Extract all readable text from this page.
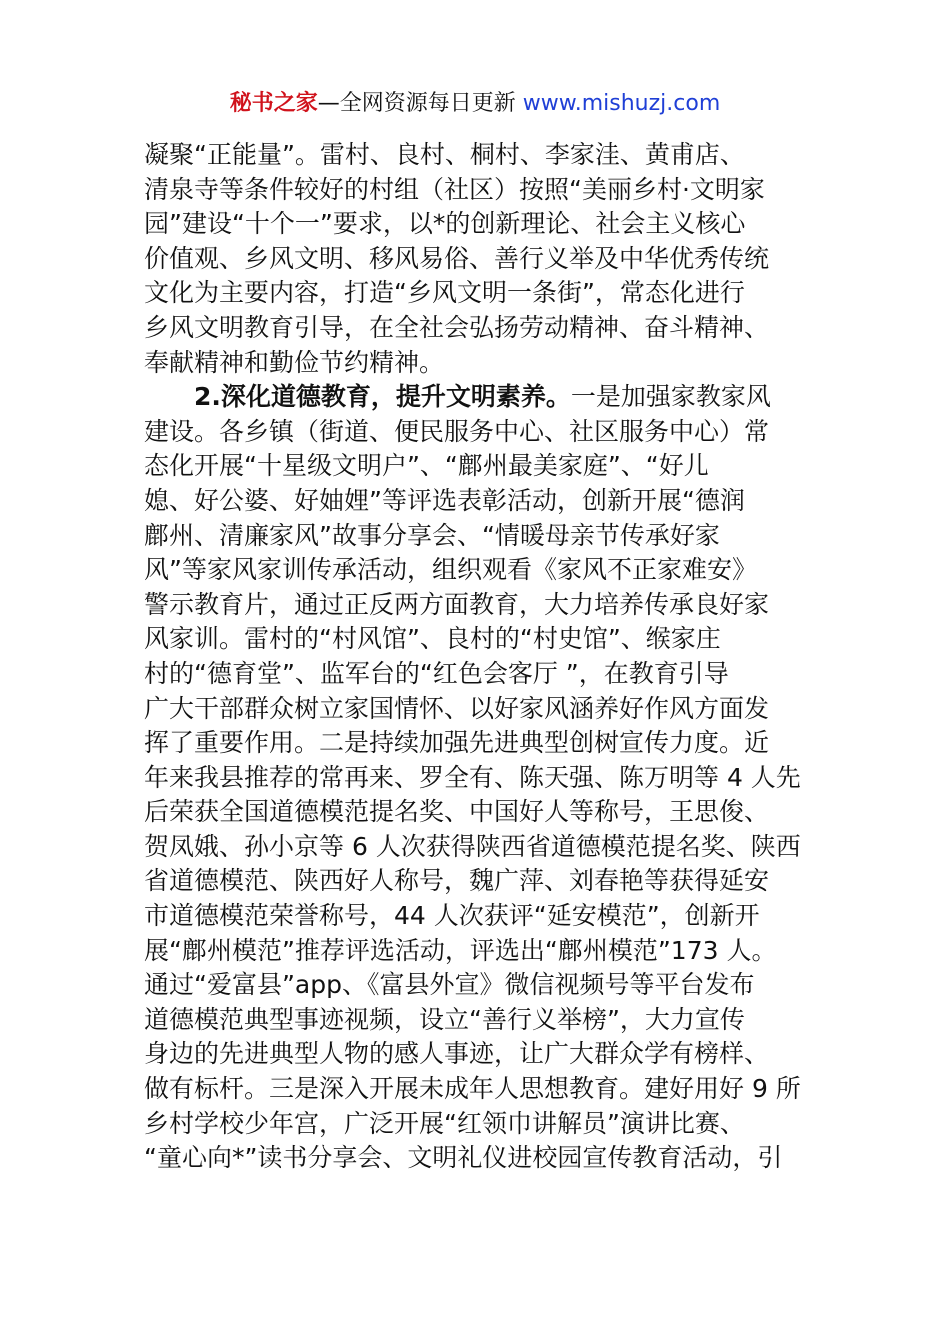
秘书之家—全网资源每日更新 www.mishuzj.com
凝聚“正能量”。雷村、良村、桐村、李家洼、黄甫店、
清泉寺等条件较好的村组（社区）按照“美丽乡村·文明家
园”建设“十个一”要求，以*的创新理论、社会主义核心
价值观、乡风文明、移风易俗、善行义举及中华优秀传统
文化为主要内容，打造“乡风文明一条街”，常态化进行
乡风文明教育引导，在全社会弘扬劳动精神、奋斗精神、
奉献精神和勤俭节约精神。
2.深化道德教育，提升文明素养。一是加强家教家风
建设。各乡镇（街道、便民服务中心、社区服务中心）常
态化开展“十星级文明户”、“鄜州最美家庭”、“好儿
媳、好公婆、好妯娌”等评选表彰活动，创新开展“德润
鄜州、清廉家风”故事分享会、“情暖母亲节传承好家
风”等家风家训传承活动，组织观看《家风不正家难安》
警示教育片，通过正反两方面教育，大力培养传承良好家
风家训。雷村的“村风馆”、良村的“村史馆”、缑家庄
村的“德育堂”、监军台的“红色会客厅 ”，在教育引导
广大干部群众树立家国情怀、以好家风涵养好作风方面发
挥了重要作用。二是持续加强先进典型创树宣传力度。近
年来我县推荐的常再来、罗全有、陈天强、陈万明等 4 人先
后荣获全国道德模范提名奖、中国好人等称号，王思俊、
贺凤娥、孙小京等 6 人次获得陕西省道德模范提名奖、陕西
省道德模范、陕西好人称号，魏广萍、刘春艳等获得延安
市道德模范荣誉称号，44 人次获评“延安模范”，创新开
展“鄜州模范”推荐评选活动，评选出“鄜州模范”173 人。
通过“爱富县”app、《富县外宣》微信视频号等平台发布
道德模范典型事迹视频，设立“善行义举榜”，大力宣传
身边的先进典型人物的感人事迹，让广大群众学有榜样、
做有标杆。三是深入开展未成年人思想教育。建好用好 9 所
乡村学校少年宫，广泛开展“红领巾讲解员”演讲比赛、
“童心向*”读书分享会、文明礼仪进校园宣传教育活动，引
